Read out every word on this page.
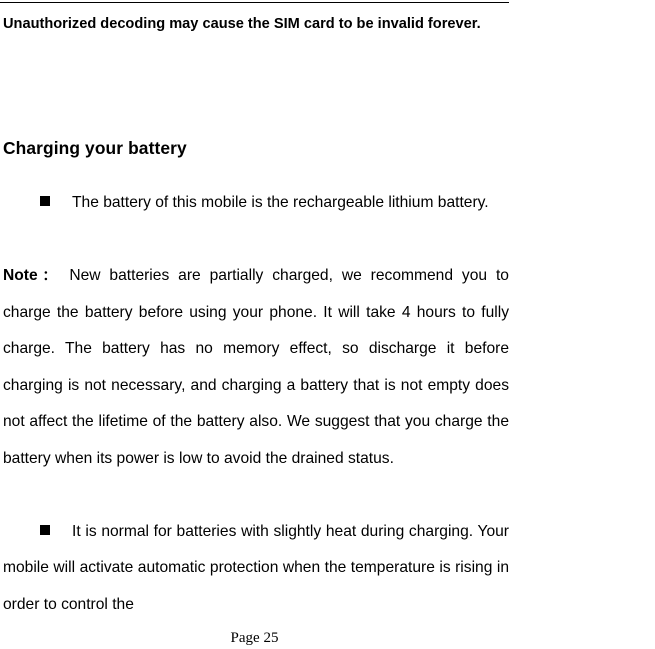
Unauthorized decoding may cause the SIM card to be invalid forever.

Charging your battery

The battery of this mobile is the rechargeable lithium battery.

Note： New batteries are partially charged, we recommend you to charge the battery before using your phone. It will take 4 hours to fully charge. The battery has no memory effect, so discharge it before charging is not necessary, and charging a battery that is not empty does not affect the lifetime of the battery also. We suggest that you charge the battery when its power is low to avoid the drained status.

It is normal for batteries with slightly heat during charging. Your mobile will activate automatic protection when the temperature is rising in order to control the

Page 25
